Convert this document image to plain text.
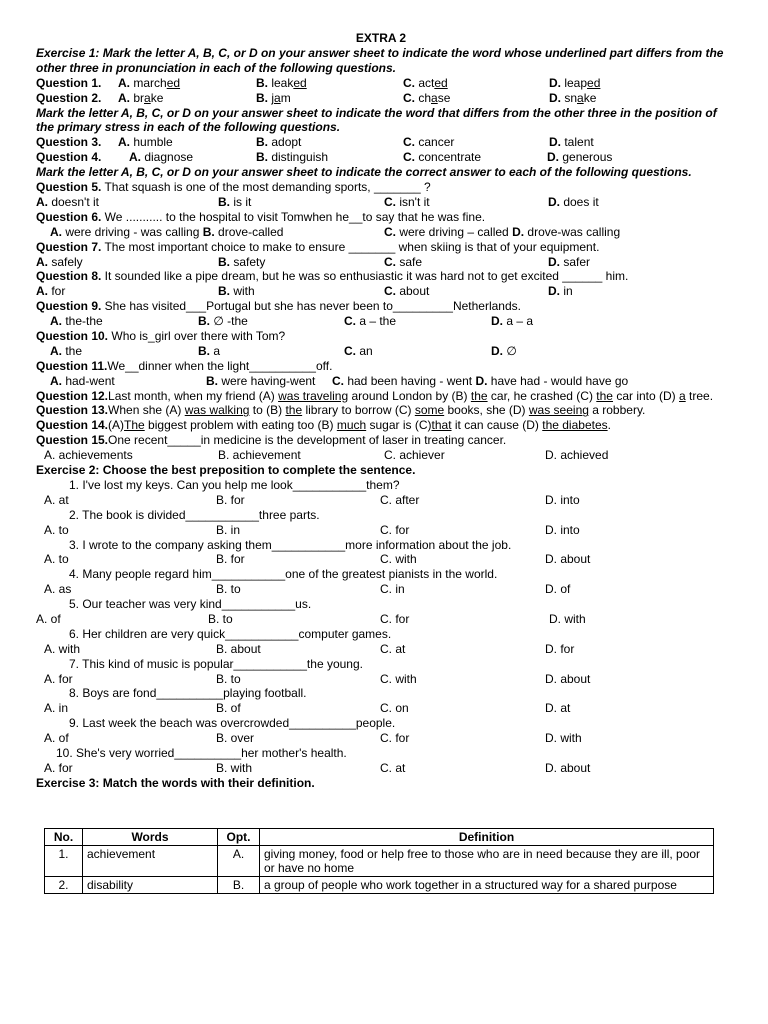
EXTRA 2
Exercise 1: Mark the letter A, B, C, or D on your answer sheet to indicate the word whose underlined part differs from the other three in pronunciation in each of the following questions.
Question 1. A. marched	B. leaked	C. acted	D. leaped
Question 2. A. brake	B. jam	C. chase	D. snake
Mark the letter A, B, C, or D on your answer sheet to indicate the word that differs from the other three in the position of the primary stress in each of the following questions.
Question 3. A. humble	B. adopt	C. cancer	D. talent
Question 4. A. diagnose	B. distinguish	C. concentrate	D. generous
Mark the letter A, B, C, or D on your answer sheet to indicate the correct answer to each of the following questions.
Question 5. That squash is one of the most demanding sports, _______ ?
A. doesn't it	B. is it	C. isn't it	D. does it
Question 6. We ........... to the hospital to visit Tomwhen he__to say that he was fine.
A. were driving - was calling B. drove-called	C. were driving – called D. drove-was calling
Question 7. The most important choice to make to ensure _______ when skiing is that of your equipment.
A. safely	B. safety	C. safe	D. safer
Question 8. It sounded like a pipe dream, but he was so enthusiastic it was hard not to get excited ______ him.
A. for	B. with	C. about	D. in
Question 9. She has visited___Portugal but she has never been to_________Netherlands.
A. the-the	B. ∅ -the	C. a – the	D. a – a
Question 10. Who is_girl over there with Tom?
A. the	B. a	C. an	D. ∅
Question 11.We__dinner when the light__________off.
A. had-went	B. were having-went C. had been having - went D. have had - would have go
Question 12.Last month, when my friend (A) was traveling around London by (B) the car, he crashed (C) the car into (D) a tree.
Question 13.When she (A) was walking to (B) the library to borrow (C) some books, she (D) was seeing a robbery.
Question 14.(A)The biggest problem with eating too (B) much sugar is (C)that it can cause (D) the diabetes.
Question 15.One recent_____in medicine is the development of laser in treating cancer.
A. achievements	B. achievement	C. achiever	D. achieved
Exercise 2: Choose the best preposition to complete the sentence.
1. I've lost my keys. Can you help me look___________them?
A. at	B. for	C. after	D. into
2. The book is divided___________three parts.
A. to	B. in	C. for	D. into
3. I wrote to the company asking them___________more information about the job.
A. to	B. for	C. with	D. about
4. Many people regard him___________one of the greatest pianists in the world.
A. as	B. to	C. in	D. of
5. Our teacher was very kind___________us.
A. of	B. to	C. for	D. with
6. Her children are very quick___________computer games.
A. with	B. about	C. at	D. for
7. This kind of music is popular___________the young.
A. for	B. to	C. with	D. about
8. Boys are fond__________playing football.
A. in	B. of	C. on	D. at
9. Last week the beach was overcrowded__________people.
A. of	B. over	C. for	D. with
10. She's very worried__________her mother's health.
A. for	B. with	C. at	D. about
Exercise 3: Match the words with their definition.
No.	Words	Opt.	Definition
1.	achievement	A.	giving money, food or help free to those who are in need because they are ill, poor or have no home
2.	disability	B.	a group of people who work together in a structured way for a shared purpose
